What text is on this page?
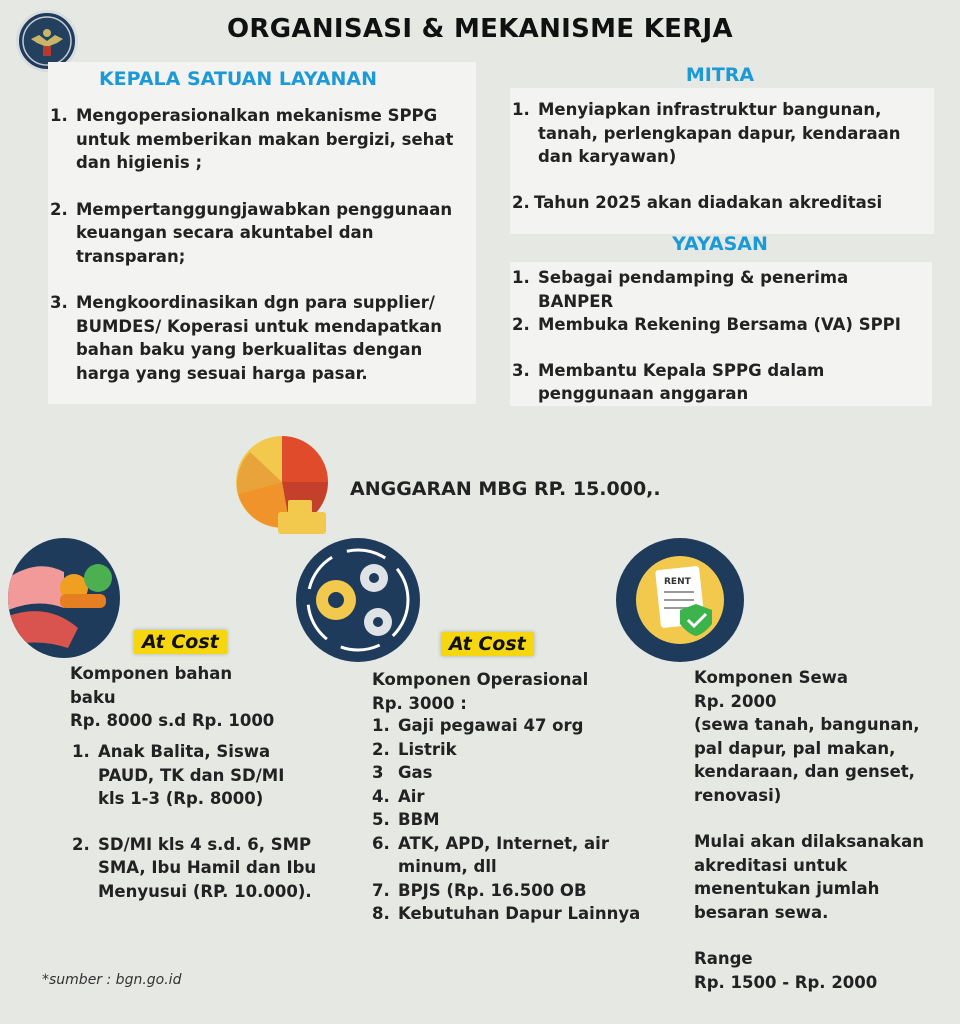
ORGANISASI & MEKANISME KERJA
KEPALA SATUAN LAYANAN
1. Mengoperasionalkan mekanisme SPPG untuk memberikan makan bergizi, sehat dan higienis ;
2. Mempertanggungjawabkan penggunaan keuangan secara akuntabel dan transparan;
3. Mengkoordinasikan dgn para supplier/ BUMDES/ Koperasi untuk mendapatkan bahan baku yang berkualitas dengan harga yang sesuai harga pasar.
MITRA
1. Menyiapkan infrastruktur bangunan, tanah, perlengkapan dapur, kendaraan dan karyawan)
2. Tahun 2025 akan diadakan akreditasi
YAYASAN
1. Sebagai pendamping & penerima BANPER
2. Membuka Rekening Bersama (VA) SPPI
3. Membantu Kepala SPPG dalam penggunaan anggaran
ANGGARAN MBG RP. 15.000,.
RENT
At Cost	At Cost
Komponen bahan
baku
Rp. 8000 s.d Rp. 1000
1. Anak Balita, Siswa PAUD, TK dan SD/MI kls 1-3 (Rp. 8000)
2. SD/MI kls 4 s.d. 6, SMP SMA, Ibu Hamil dan Ibu Menyusui (RP. 10.000).
Komponen Operasional
Rp. 3000 :
1. Gaji pegawai 47 org
2. Listrik
3 Gas
4. Air
5. BBM
6. ATK, APD, Internet, air minum, dll
7. BPJS (Rp. 16.500 OB
8. Kebutuhan Dapur Lainnya
Komponen Sewa
Rp. 2000
(sewa tanah, bangunan, pal dapur, pal makan, kendaraan, dan genset, renovasi)
Mulai akan dilaksanakan akreditasi untuk menentukan jumlah besaran sewa.
Range
Rp. 1500 - Rp. 2000
*sumber : bgn.go.id
